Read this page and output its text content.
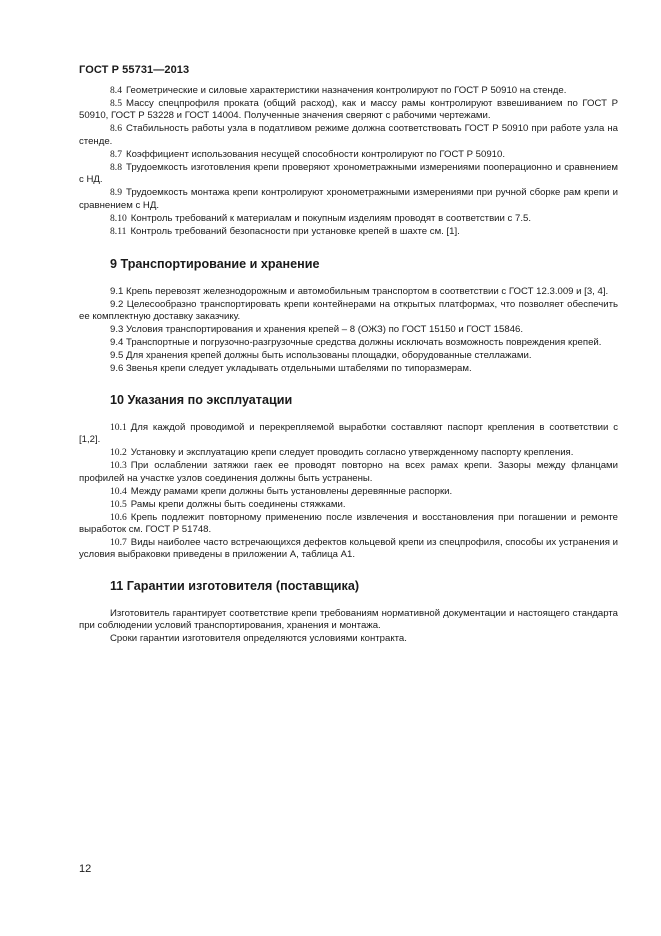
ГОСТ Р 55731—2013

8.4 Геометрические и силовые характеристики назначения контролируют по ГОСТ Р 50910 на стенде.

8.5 Массу спецпрофиля проката (общий расход), как и массу рамы контролируют взвешиванием по ГОСТ Р 50910, ГОСТ Р 53228 и ГОСТ 14004. Полученные значения сверяют с рабочими чертежами.

8.6 Стабильность работы узла в податливом режиме должна соответствовать ГОСТ Р 50910 при работе узла на стенде.

8.7 Коэффициент использования несущей способности контролируют по ГОСТ Р 50910.

8.8 Трудоемкость изготовления крепи проверяют хронометражными измерениями пооперационно и сравнением с НД.

8.9 Трудоемкость монтажа крепи контролируют хронометражными измерениями при ручной сборке рам крепи и сравнением с НД.

8.10 Контроль требований к материалам и покупным изделиям проводят в соответствии с 7.5.

8.11 Контроль требований безопасности при установке крепей в шахте см. [1].

9 Транспортирование и хранение

9.1 Крепь перевозят железнодорожным и автомобильным транспортом в соответствии с ГОСТ 12.3.009 и [3, 4].

9.2 Целесообразно транспортировать крепи контейнерами на открытых платформах, что позволяет обеспечить ее комплектную доставку заказчику.

9.3 Условия транспортирования и хранения крепей – 8 (ОЖЗ) по ГОСТ 15150 и ГОСТ 15846.

9.4 Транспортные и погрузочно-разгрузочные средства должны исключать возможность повреждения крепей.

9.5 Для хранения крепей должны быть использованы площадки, оборудованные стеллажами.

9.6 Звенья крепи следует укладывать отдельными штабелями по типоразмерам.

10 Указания по эксплуатации

10.1 Для каждой проводимой и перекрепляемой выработки составляют паспорт крепления в соответствии с [1,2].

10.2 Установку и эксплуатацию крепи следует проводить согласно утвержденному паспорту крепления.

10.3 При ослаблении затяжки гаек ее проводят повторно на всех рамах крепи. Зазоры между фланцами профилей на участке узлов соединения должны быть устранены.

10.4 Между рамами крепи должны быть установлены деревянные распорки.

10.5 Рамы крепи должны быть соединены стяжками.

10.6 Крепь подлежит повторному применению после извлечения и восстановления при погашении и ремонте выработок см. ГОСТ Р 51748.

10.7 Виды наиболее часто встречающихся дефектов кольцевой крепи из спецпрофиля, способы их устранения и условия выбраковки приведены в приложении А, таблица А1.

11 Гарантии изготовителя (поставщика)

Изготовитель гарантирует соответствие крепи требованиям нормативной документации и настоящего стандарта при соблюдении условий транспортирования, хранения и монтажа.

Сроки гарантии изготовителя определяются условиями контракта.

12
